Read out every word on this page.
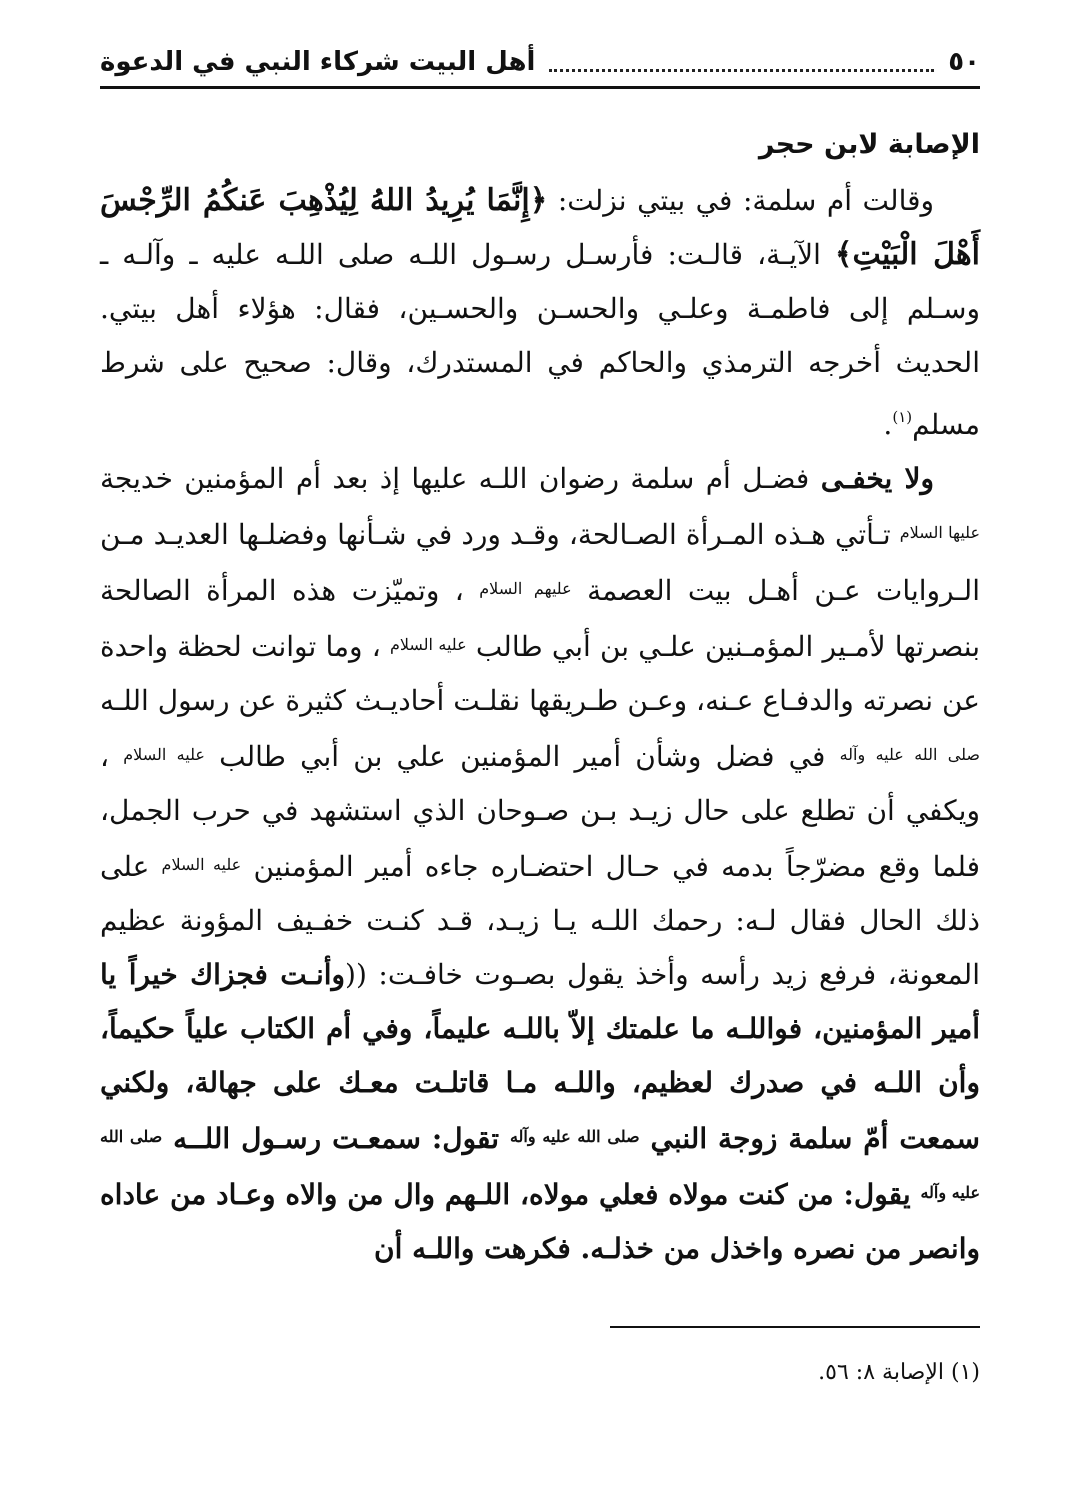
٥٠
أهل البيت شركاء النبي في الدعوة

الإصابة لابن حجر

وقالت أم سلمة: في بيتي نزلت: ﴿إِنَّمَا يُرِيدُ اللهُ لِيُذْهِبَ عَنكُمُ الرِّجْسَ أَهْلَ الْبَيْتِ﴾ الآيـة، قالـت: فأرسـل رسـول اللـه صلى اللـه عليه ـ وآلـه ـ وسـلم إلى فاطمـة وعلـي والحسـن والحسـين، فقال: هؤلاء أهل بيتي. الحديث أخرجه الترمذي والحاكم في المستدرك، وقال: صحيح على شرط مسلم$^{(١)}$.

ولا يخفـى فضـل أم سلمة رضوان اللـه عليها إذ بعد أم المؤمنين خديجة $^{عليها السلام}$ تـأتي هـذه المـرأة الصـالحة، وقـد ورد في شـأنها وفضلـها العديـد مـن الـروايات عـن أهـل بيت العصمة $^{عليهم السلام}$ ، وتميّزت هذه المرأة الصالحة بنصرتها لأمـير المؤمـنين علـي بن أبي طالب $^{عليه السلام}$ ، وما توانت لحظة واحدة عن نصرته والدفـاع عـنه، وعـن طـريقها نقلـت أحاديـث كثيرة عن رسول اللـه $^{صلى الله عليه وآله}$ في فضل وشأن أمير المؤمنين علي بن أبي طالب $^{عليه السلام}$ ، ويكفي أن تطلع على حال زيـد بـن صـوحان الذي استشهد في حرب الجمل، فلما وقع مضرّجاً بدمه في حـال احتضـاره جاءه أمير المؤمنين $^{عليه السلام}$ على ذلك الحال فقال لـه: رحمك اللـه يـا زيـد، قـد كنـت خفـيف المؤونة عظيم المعونة، فرفع زيد رأسه وأخذ يقول بصـوت خافـت: ((وأنـت فجزاك خيراً يا أمير المؤمنين، فواللـه ما علمتك إلاّ باللـه عليماً، وفي أم الكتاب علياً حكيماً، وأن اللـه في صدرك لعظيم، واللـه مـا قاتلـت معـك على جهالة، ولكني سمعت أمّ سلمة زوجة النبي $^{صلى الله عليه وآله}$ تقول: سمعـت رسـول اللــه $^{صلى الله عليه وآله}$ يقول: من كنت مولاه فعلي مولاه، اللـهم وال من والاه وعـاد من عاداه وانصر من نصره واخذل من خذلـه. فكرهت واللـه أن

(١) الإصابة ٨: ٥٦.
